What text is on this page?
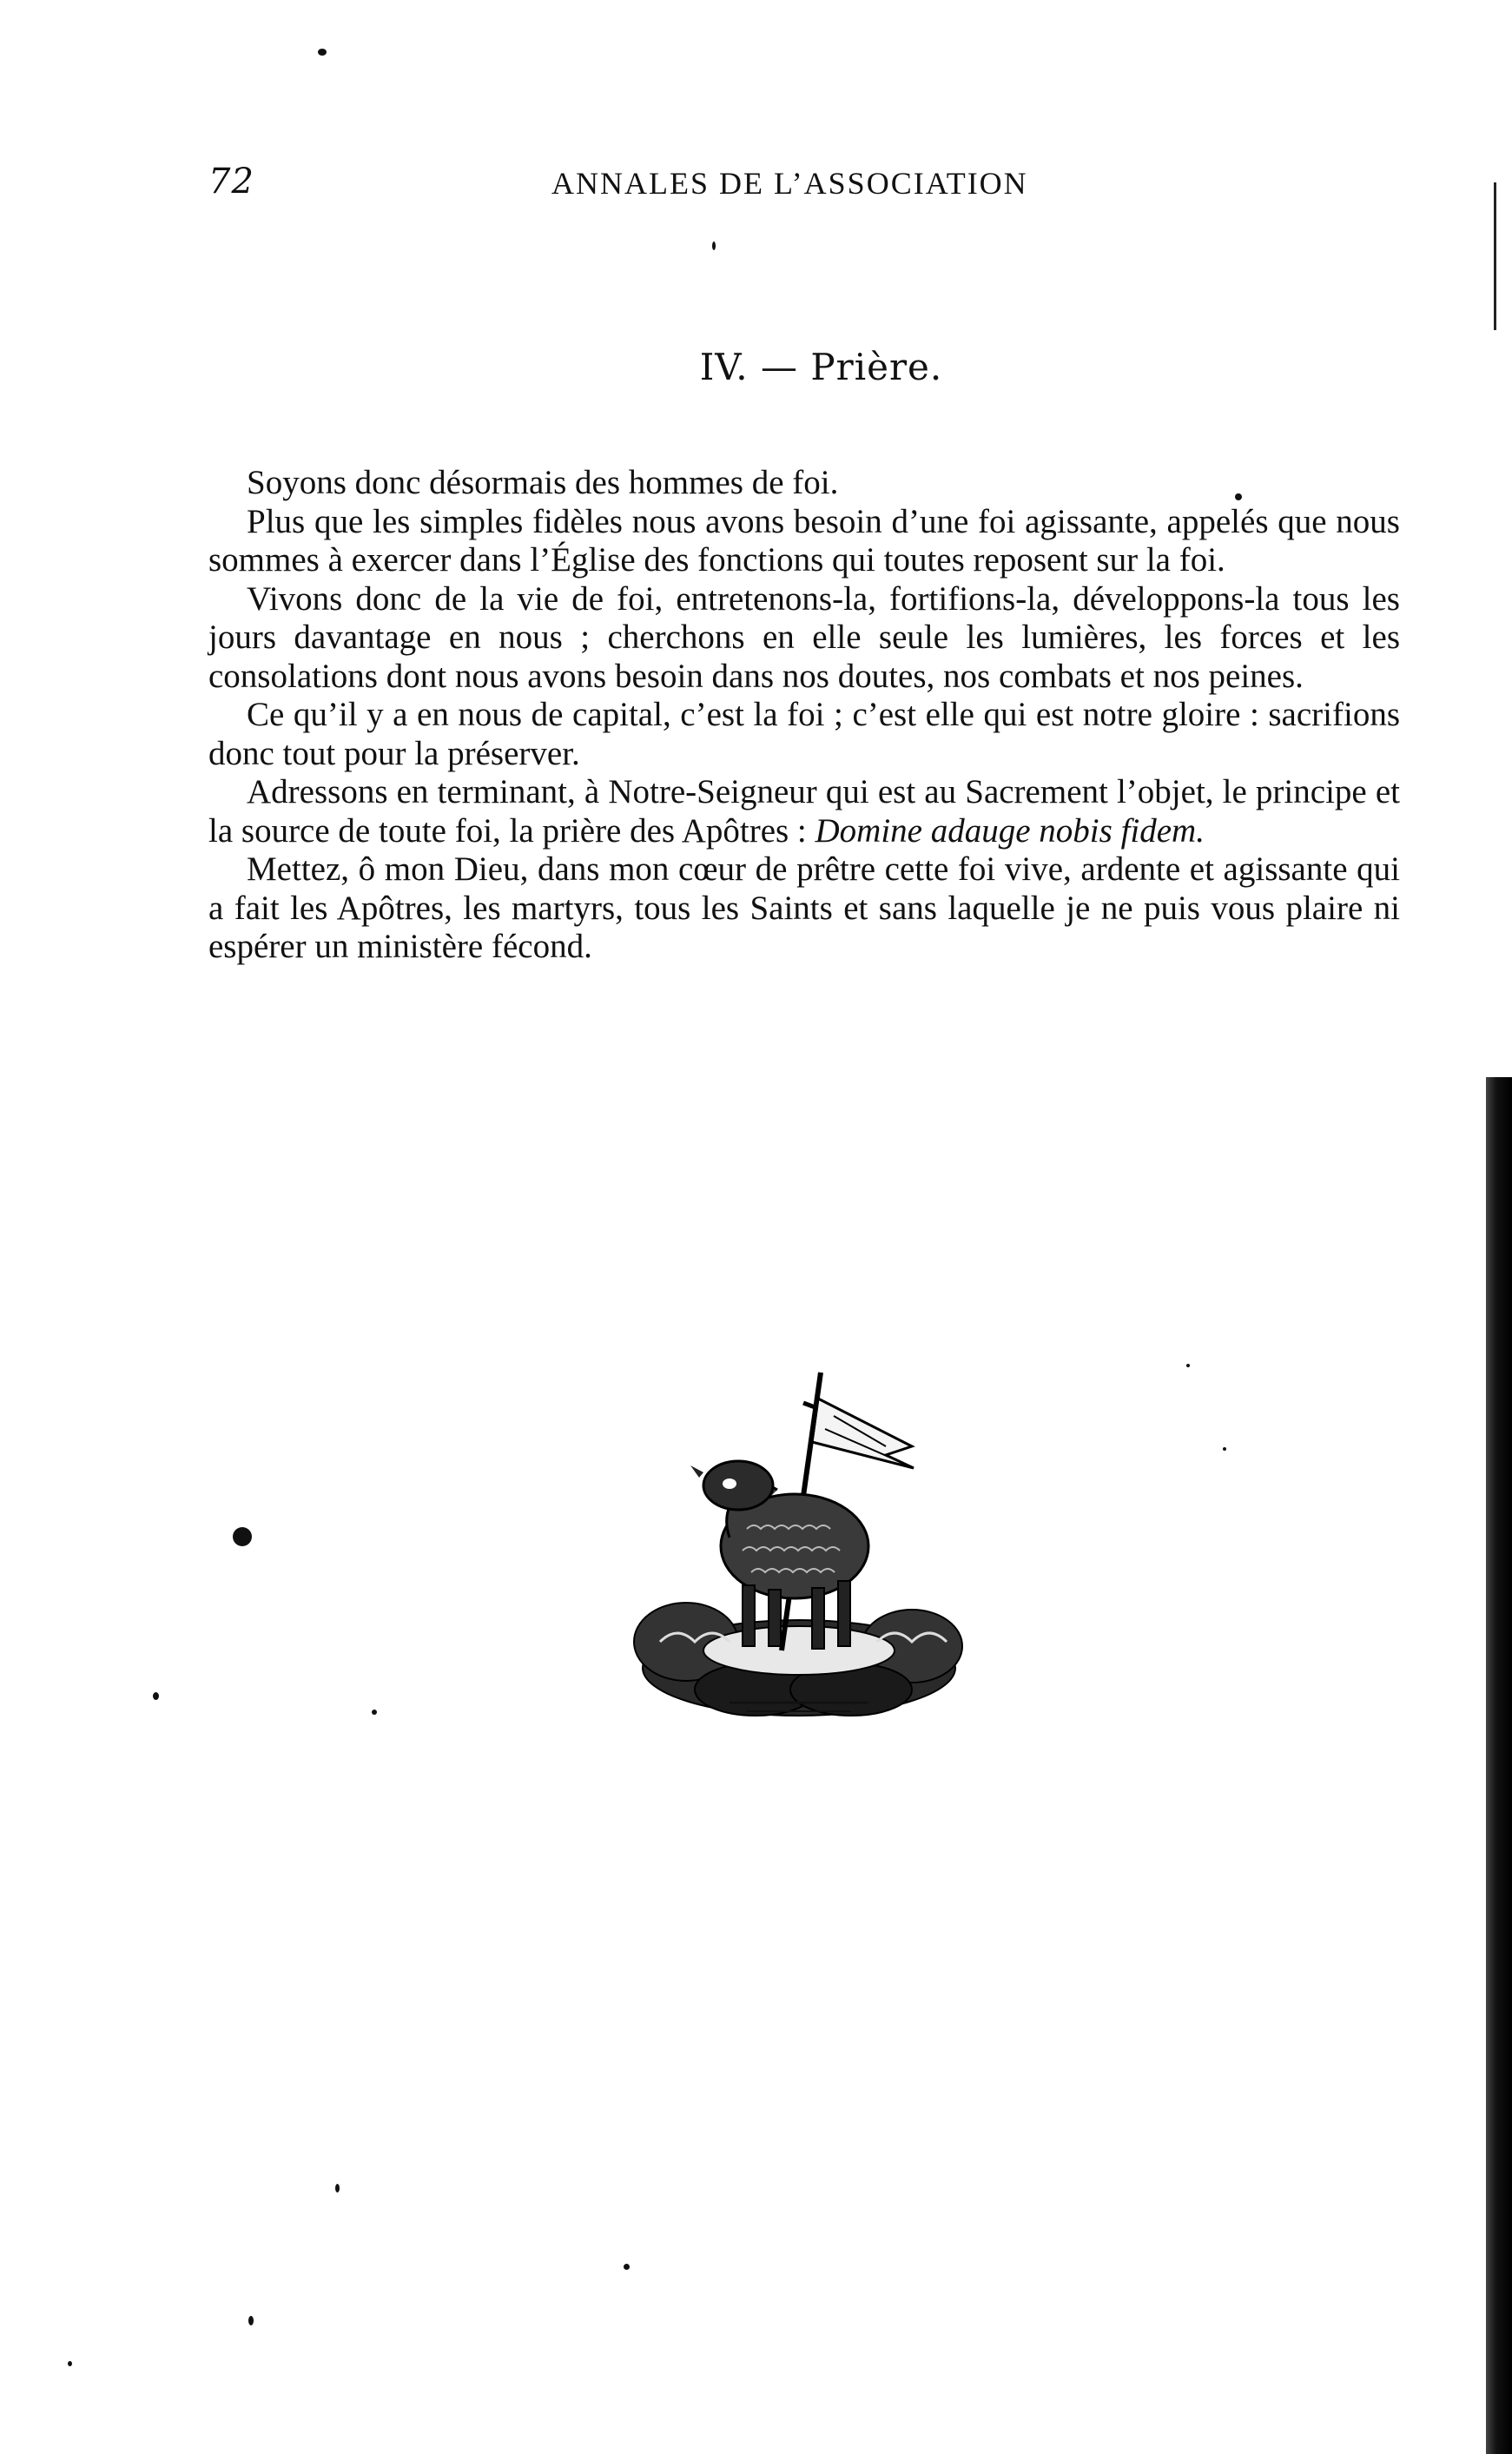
72	ANNALES DE L’ASSOCIATION
IV. — Prière.

Soyons donc désormais des hommes de foi.

Plus que les simples fidèles nous avons besoin d’une foi agissante, appelés que nous sommes à exercer dans l’Église des fonctions qui toutes reposent sur la foi.

Vivons donc de la vie de foi, entretenons-la, fortifions-la, développons-la tous les jours davantage en nous ; cherchons en elle seule les lumières, les forces et les consolations dont nous avons besoin dans nos doutes, nos combats et nos peines.

Ce qu’il y a en nous de capital, c’est la foi ; c’est elle qui est notre gloire : sacrifions donc tout pour la préserver.

Adressons en terminant, à Notre-Seigneur qui est au Sacrement l’objet, le principe et la source de toute foi, la prière des Apôtres : Domine adauge nobis fidem.

Mettez, ô mon Dieu, dans mon cœur de prêtre cette foi vive, ardente et agissante qui a fait les Apôtres, les martyrs, tous les Saints et sans laquelle je ne puis vous plaire ni espérer un ministère fécond.
